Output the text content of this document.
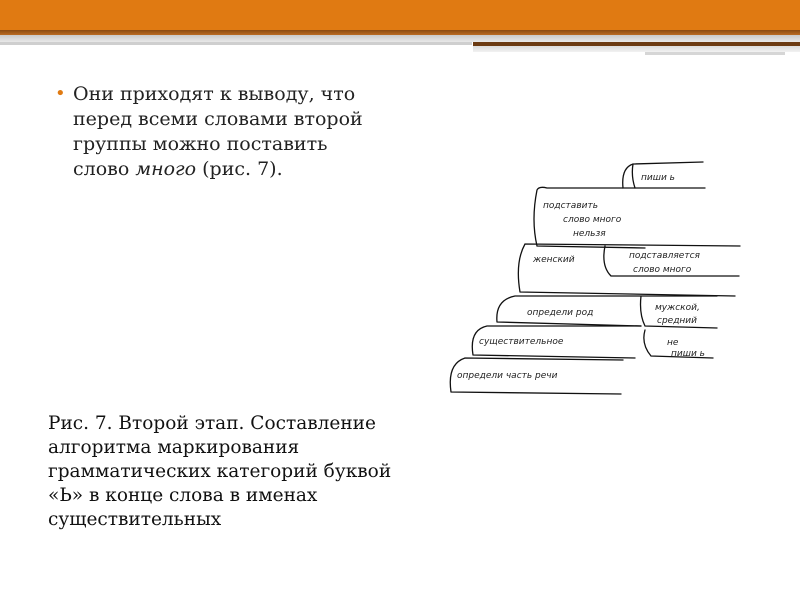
• Они приходят к выводу, что перед всеми словами второй группы можно поставить слово много (рис. 7).	пиши ь
подставить
слово много
нельзя
женский	подставляется
слово много
определи род	мужской,
средний
существительное	не
пиши ь
определи часть речи
Рис. 7. Второй этап. Составление алгоритма маркирования грамматических категорий буквой «Ь» в конце слова в именах существительных
